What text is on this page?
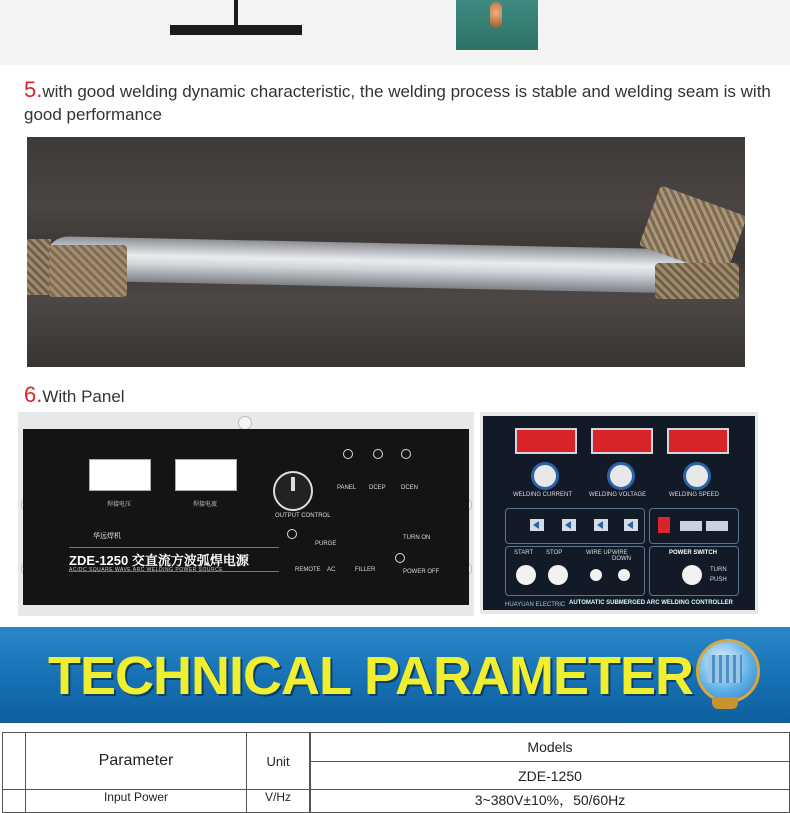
5.with good welding dynamic characteristic, the welding process is stable and welding seam is with good performance
6.With Panel
焊接电压	焊接电流
OUTPUT CONTROL
PANEL DCEP	DCEN
PURGE
TURN ON
REMOTE AC	FILLER	POWER OFF
华远焊机
ZDE-1250 交直流方波弧焊电源
AC/DC SQUARE WAVE ARC WELDING POWER SOURCE
WELDING CURRENT	WELDING VOLTAGE	WELDING SPEED
START STOP	WIRE UP WIRE DOWN
TURN
PUSH
POWER SWITCH
HUAYUAN ELECTRIC AUTOMATIC SUBMERGED ARC WELDING CONTROLLER
TECHNICAL PARAMETER
	Parameter	Unit		Models
			ZDE-1250
	Input Power	V/Hz		3~380V±10%，50/60Hz
